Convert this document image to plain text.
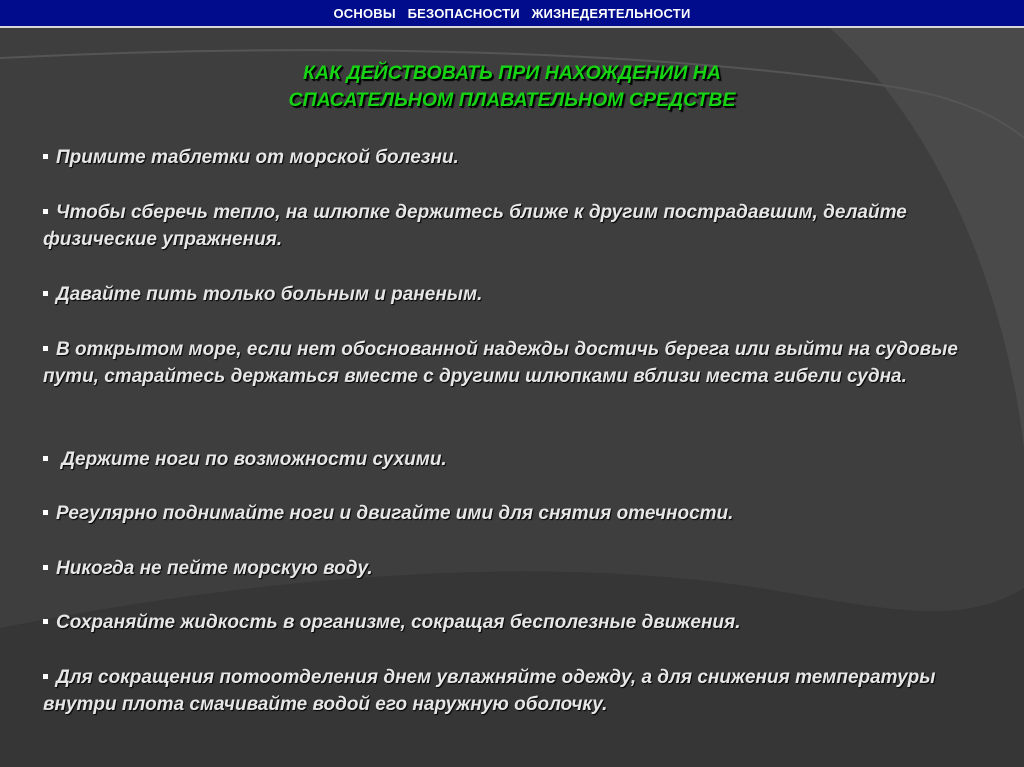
ОСНОВЫ БЕЗОПАСНОСТИ ЖИЗНЕДЕЯТЕЛЬНОСТИ
КАК ДЕЙСТВОВАТЬ ПРИ НАХОЖДЕНИИ НА
СПАСАТЕЛЬНОМ ПЛАВАТЕЛЬНОМ СРЕДСТВЕ
Примите таблетки от морской болезни.
Чтобы сберечь тепло, на шлюпке держитесь ближе к другим пострадавшим, делайте физические упражнения.
Давайте пить только больным и раненым.
В открытом море, если нет обоснованной надежды достичь берега или выйти на судовые пути, старайтесь держаться вместе с другими шлюпками вблизи места гибели судна.
Держите ноги по возможности сухими.
Регулярно поднимайте ноги и двигайте ими для снятия отечности.
Никогда не пейте морскую воду.
Сохраняйте жидкость в организме, сокращая бесполезные движения.
Для сокращения потоотделения днем увлажняйте одежду, а для снижения температуры внутри плота смачивайте водой его наружную оболочку.
